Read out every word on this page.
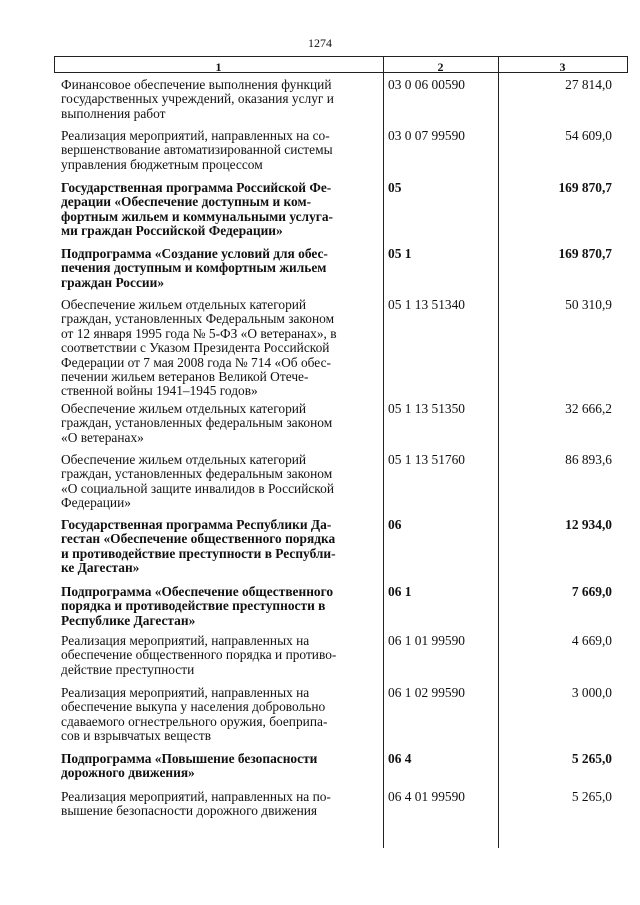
1274
1	2	3
Финансовое обеспечение выполнения функций
государственных учреждений, оказания услуг и
выполнения работ
03 0 06 00590	27 814,0
Реализация мероприятий, направленных на со-
вершенствование автоматизированной системы
управления бюджетным процессом
03 0 07 99590	54 609,0
Государственная программа Российской Фе-
дерации «Обеспечение доступным и ком-
фортным жильем и коммунальными услуга-
ми граждан Российской Федерации»
05	169 870,7
Подпрограмма «Создание условий для обес-
печения доступным и комфортным жильем
граждан России»
05 1	169 870,7
Обеспечение жильем отдельных категорий
граждан, установленных Федеральным законом
от 12 января 1995 года № 5-ФЗ «О ветеранах», в
соответствии с Указом Президента Российской
Федерации от 7 мая 2008 года № 714 «Об обес-
печении жильем ветеранов Великой Отече-
ственной войны 1941–1945 годов»
05 1 13 51340	50 310,9
Обеспечение жильем отдельных категорий
граждан, установленных федеральным законом
«О ветеранах»
05 1 13 51350	32 666,2
Обеспечение жильем отдельных категорий
граждан, установленных федеральным законом
«О социальной защите инвалидов в Российской
Федерации»
05 1 13 51760	86 893,6
Государственная программа Республики Да-
гестан «Обеспечение общественного порядка
и противодействие преступности в Республи-
ке Дагестан»
06	12 934,0
Подпрограмма «Обеспечение общественного
порядка и противодействие преступности в
Республике Дагестан»
06 1	7 669,0
Реализация мероприятий, направленных на
обеспечение общественного порядка и противо-
действие преступности
06 1 01 99590	4 669,0
Реализация мероприятий, направленных на
обеспечение выкупа у населения добровольно
сдаваемого огнестрельного оружия, боеприпа-
сов и взрывчатых веществ
06 1 02 99590	3 000,0
Подпрограмма «Повышение безопасности
дорожного движения»
06 4	5 265,0
Реализация мероприятий, направленных на по-
вышение безопасности дорожного движения
06 4 01 99590	5 265,0
